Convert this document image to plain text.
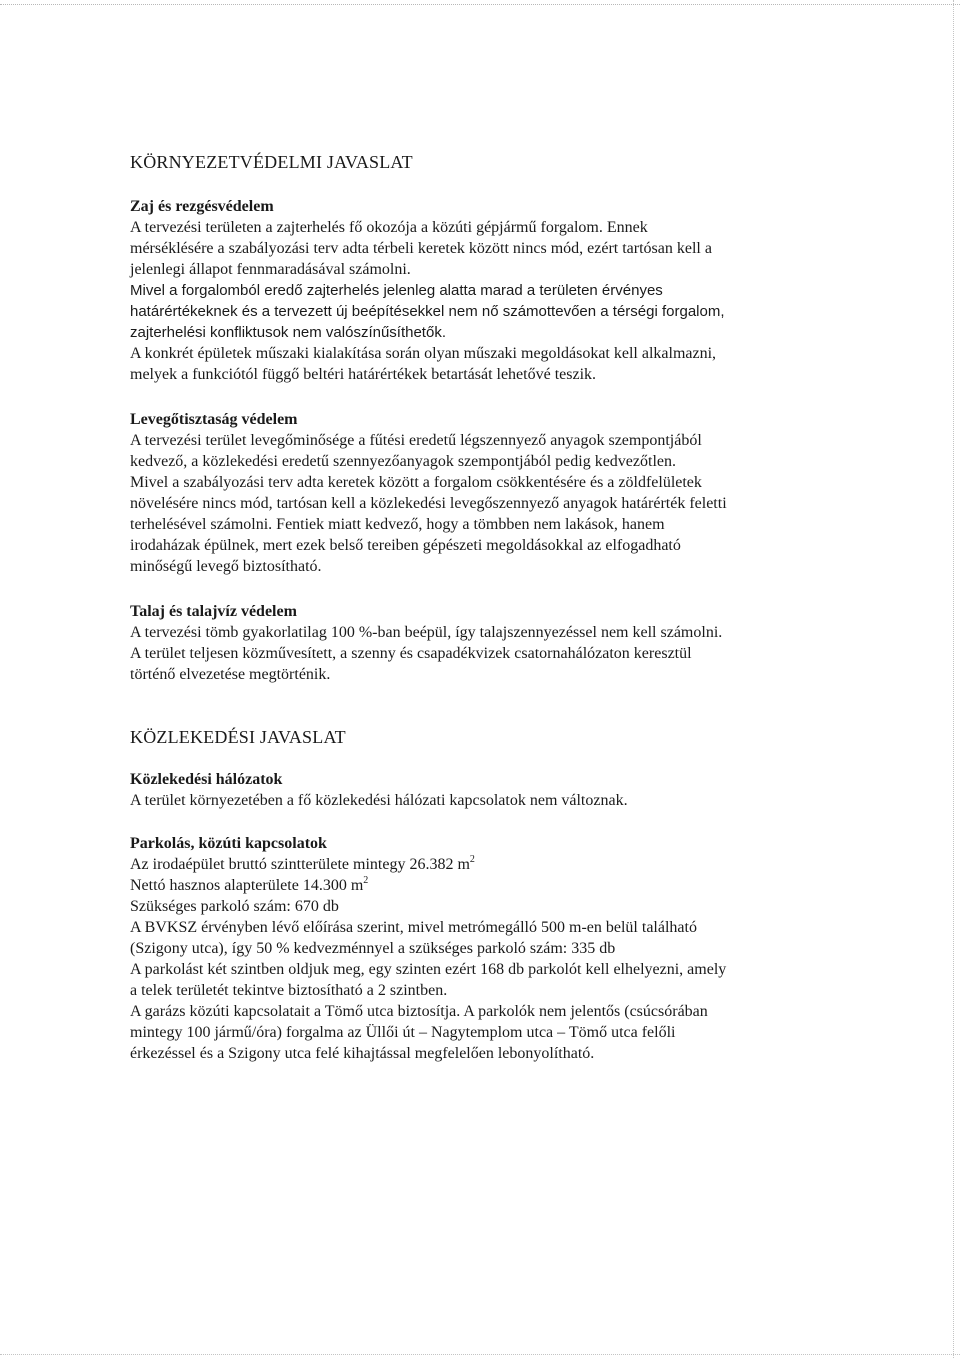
KÖRNYEZETVÉDELMI JAVASLAT
Zaj és rezgésvédelem

A tervezési területen a zajterhelés fő okozója a közúti gépjármű forgalom. Ennek

mérséklésére a szabályozási terv adta térbeli keretek között nincs mód, ezért tartósan kell a

jelenlegi állapot fennmaradásával számolni.

Mivel a forgalomból eredő zajterhelés jelenleg alatta marad a területen érvényes

határértékeknek és a tervezett új beépítésekkel nem nő számottevően a térségi forgalom,

zajterhelési konfliktusok nem valószínűsíthetők.

A konkrét épületek műszaki kialakítása során olyan műszaki megoldásokat kell alkalmazni,

melyek a funkciótól függő beltéri határértékek betartását lehetővé teszik.

Levegőtisztaság védelem

A tervezési terület levegőminősége a fűtési eredetű légszennyező anyagok szempontjából

kedvező, a közlekedési eredetű szennyezőanyagok szempontjából pedig kedvezőtlen.

Mivel a szabályozási terv adta keretek között a forgalom csökkentésére és a zöldfelületek

növelésére nincs mód, tartósan kell a közlekedési levegőszennyező anyagok határérték feletti

terhelésével számolni. Fentiek miatt kedvező, hogy a tömbben nem lakások, hanem

irodaházak épülnek, mert ezek belső tereiben gépészeti megoldásokkal az elfogadható

minőségű levegő biztosítható.

Talaj és talajvíz védelem

A tervezési tömb gyakorlatilag 100 %-ban beépül, így talajszennyezéssel nem kell számolni.

A terület teljesen közművesített, a szenny és csapadékvizek csatornahálózaton keresztül

történő elvezetése megtörténik.

KÖZLEKEDÉSI JAVASLAT
Közlekedési hálózatok

A terület környezetében a fő közlekedési hálózati kapcsolatok nem változnak.

Parkolás, közúti kapcsolatok

Az irodaépület bruttó szintterülete mintegy 26.382 $m^2$

Nettó hasznos alapterülete 14.300 $m^2$

Szükséges parkoló szám: 670 db

A BVKSZ érvényben lévő előírása szerint, mivel metrómegálló 500 m-en belül található

(Szigony utca), így 50 % kedvezménnyel a szükséges parkoló szám: 335 db

A parkolást két szintben oldjuk meg, egy szinten ezért 168 db parkolót kell elhelyezni, amely

a telek területét tekintve biztosítható a 2 szintben.

A garázs közúti kapcsolatait a Tömő utca biztosítja. A parkolók nem jelentős (csúcsórában

mintegy 100 jármű/óra) forgalma az Üllői út – Nagytemplom utca – Tömő utca felőli

érkezéssel és a Szigony utca felé kihajtással megfelelően lebonyolítható.
